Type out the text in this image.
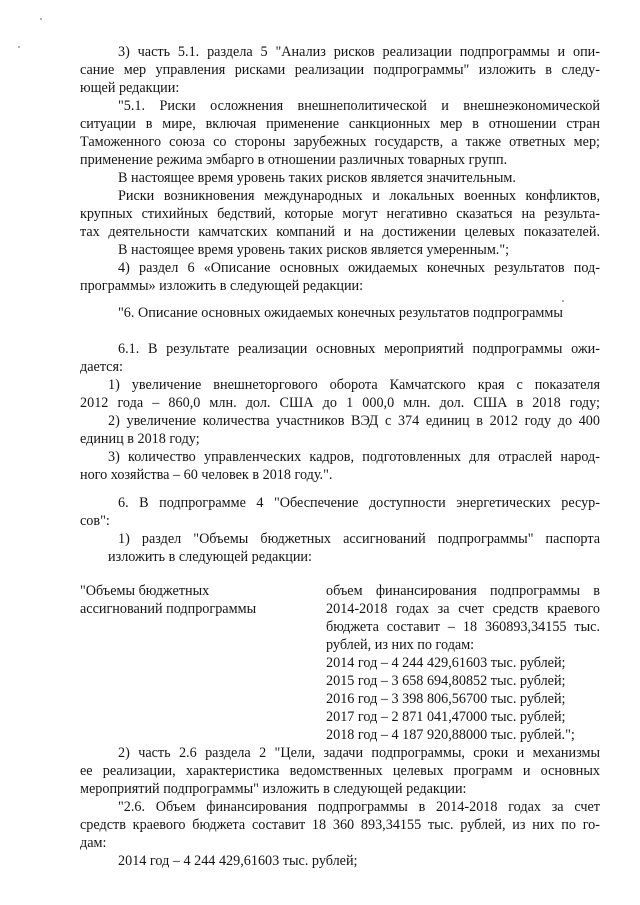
3) часть 5.1. раздела 5 "Анализ рисков реализации подпрограммы и опи-
сание мер управления рисками реализации подпрограммы" изложить в следу-
ющей редакции:
"5.1. Риски осложнения внешнеполитической и внешнеэкономической
ситуации в мире, включая применение санкционных мер в отношении стран
Таможенного союза со стороны зарубежных государств, а также ответных мер;
применение режима эмбарго в отношении различных товарных групп.
В настоящее время уровень таких рисков является значительным.
Риски возникновения международных и локальных военных конфликтов,
крупных стихийных бедствий, которые могут негативно сказаться на результа-
тах деятельности камчатских компаний и на достижении целевых показателей.
В настоящее время уровень таких рисков является умеренным.";
4) раздел 6 «Описание основных ожидаемых конечных результатов под-
программы» изложить в следующей редакции:
"6. Описание основных ожидаемых конечных результатов подпрограммы
6.1. В результате реализации основных мероприятий подпрограммы ожи-
дается:
1) увеличение внешнеторгового оборота Камчатского края с показателя
2012 года – 860,0 млн. дол. США до 1 000,0 млн. дол. США в 2018 году;
2) увеличение количества участников ВЭД с 374 единиц в 2012 году до 400
единиц в 2018 году;
3) количество управленческих кадров, подготовленных для отраслей народ-
ного хозяйства – 60 человек в 2018 году.".
6. В подпрограмме 4 "Обеспечение доступности энергетических ресур-
сов":
1) раздел "Объемы бюджетных ассигнований подпрограммы" паспорта
изложить в следующей редакции:
"Объемы бюджетных
ассигнований подпрограммы
объем финансирования подпрограммы в
2014-2018 годах за счет средств краевого
бюджета составит – 18 360893,34155 тыс.
рублей, из них по годам:
2014 год – 4 244 429,61603 тыс. рублей;
2015 год – 3 658 694,80852 тыс. рублей;
2016 год – 3 398 806,56700 тыс. рублей;
2017 год – 2 871 041,47000 тыс. рублей;
2018 год – 4 187 920,88000 тыс. рублей.";
2) часть 2.6 раздела 2 "Цели, задачи подпрограммы, сроки и механизмы
ее реализации, характеристика ведомственных целевых программ и основных
мероприятий подпрограммы" изложить в следующей редакции:
"2.6. Объем финансирования подпрограммы в 2014-2018 годах за счет
средств краевого бюджета составит 18 360 893,34155 тыс. рублей, из них по го-
дам:
2014 год – 4 244 429,61603 тыс. рублей;
